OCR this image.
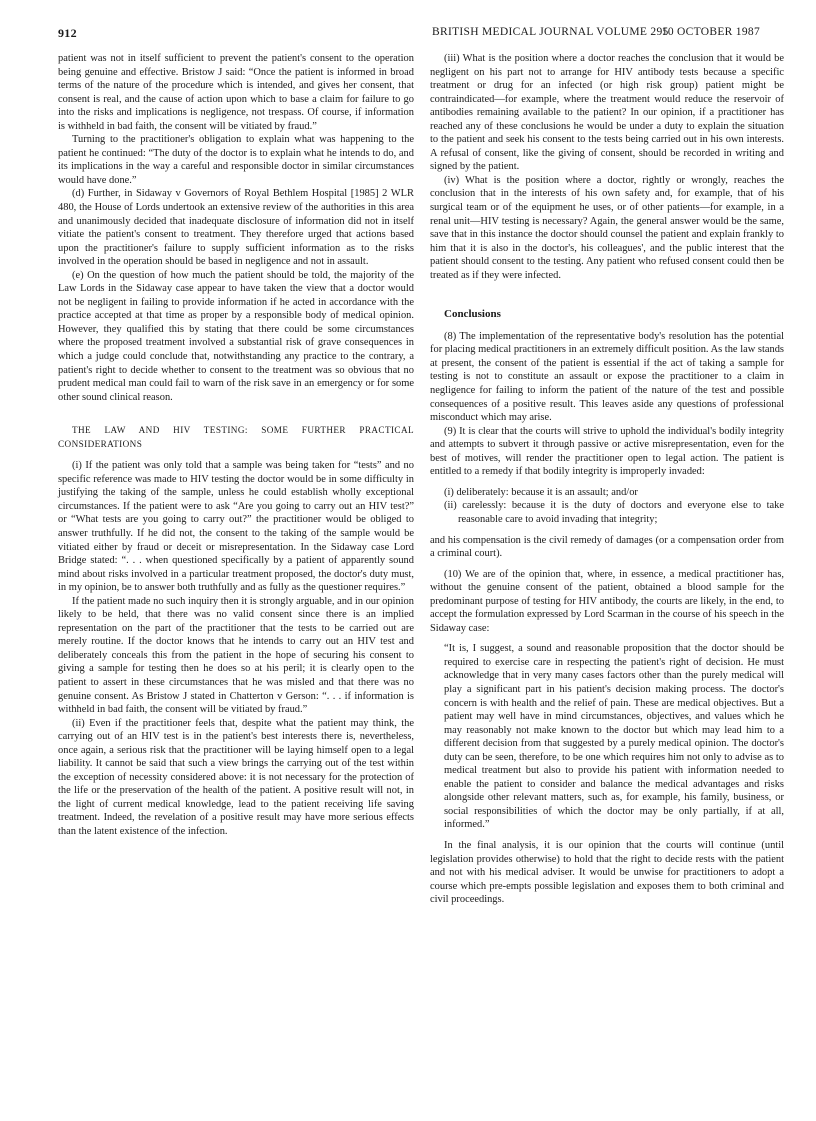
912	BRITISH MEDICAL JOURNAL VOLUME 295
10 OCTOBER 1987

patient was not in itself sufficient to prevent the patient's consent to the operation being genuine and effective. Bristow J said: “Once the patient is informed in broad terms of the nature of the procedure which is intended, and gives her consent, that consent is real, and the cause of action upon which to base a claim for failure to go into the risks and implications is negligence, not trespass. Of course, if information is withheld in bad faith, the consent will be vitiated by fraud.”

Turning to the practitioner's obligation to explain what was happening to the patient he continued: “The duty of the doctor is to explain what he intends to do, and its implications in the way a careful and responsible doctor in similar circumstances would have done.”

(d) Further, in Sidaway v Governors of Royal Bethlem Hospital [1985] 2 WLR 480, the House of Lords undertook an extensive review of the authorities in this area and unanimously decided that inadequate disclosure of information did not in itself vitiate the patient's consent to treatment. They therefore urged that actions based upon the practitioner's failure to supply sufficient information as to the risks involved in the operation should be based in negligence and not in assault.

(e) On the question of how much the patient should be told, the majority of the Law Lords in the Sidaway case appear to have taken the view that a doctor would not be negligent in failing to provide information if he acted in accordance with the practice accepted at that time as proper by a responsible body of medical opinion. However, they qualified this by stating that there could be some circumstances where the proposed treatment involved a substantial risk of grave consequences in which a judge could conclude that, notwithstanding any practice to the contrary, a patient's right to decide whether to consent to the treatment was so obvious that no prudent medical man could fail to warn of the risk save in an emergency or for some other sound clinical reason.

THE LAW AND HIV TESTING: SOME FURTHER PRACTICAL CONSIDERATIONS

(i) If the patient was only told that a sample was being taken for “tests” and no specific reference was made to HIV testing the doctor would be in some difficulty in justifying the taking of the sample, unless he could establish wholly exceptional circumstances. If the patient were to ask “Are you going to carry out an HIV test?” or “What tests are you going to carry out?” the practitioner would be obliged to answer truthfully. If he did not, the consent to the taking of the sample would be vitiated either by fraud or deceit or misrepresentation. In the Sidaway case Lord Bridge stated: “. . . when questioned specifically by a patient of apparently sound mind about risks involved in a particular treatment proposed, the doctor's duty must, in my opinion, be to answer both truthfully and as fully as the questioner requires.”

If the patient made no such inquiry then it is strongly arguable, and in our opinion likely to be held, that there was no valid consent since there is an implied representation on the part of the practitioner that the tests to be carried out are merely routine. If the doctor knows that he intends to carry out an HIV test and deliberately conceals this from the patient in the hope of securing his consent to giving a sample for testing then he does so at his peril; it is clearly open to the patient to assert in these circumstances that he was misled and that there was no genuine consent. As Bristow J stated in Chatterton v Gerson: “. . . if information is withheld in bad faith, the consent will be vitiated by fraud.”

(ii) Even if the practitioner feels that, despite what the patient may think, the carrying out of an HIV test is in the patient's best interests there is, nevertheless, once again, a serious risk that the practitioner will be laying himself open to a legal liability. It cannot be said that such a view brings the carrying out of the test within the exception of necessity considered above: it is not necessary for the protection of the life or the preservation of the health of the patient. A positive result will not, in the light of current medical knowledge, lead to the patient receiving life saving treatment. Indeed, the revelation of a positive result may have more serious effects than the latent existence of the infection.

(iii) What is the position where a doctor reaches the conclusion that it would be negligent on his part not to arrange for HIV antibody tests because a specific treatment or drug for an infected (or high risk group) patient might be contraindicated—for example, where the treatment would reduce the reservoir of antibodies remaining available to the patient? In our opinion, if a practitioner has reached any of these conclusions he would be under a duty to explain the situation to the patient and seek his consent to the tests being carried out in his own interests. A refusal of consent, like the giving of consent, should be recorded in writing and signed by the patient.

(iv) What is the position where a doctor, rightly or wrongly, reaches the conclusion that in the interests of his own safety and, for example, that of his surgical team or of the equipment he uses, or of other patients—for example, in a renal unit—HIV testing is necessary? Again, the general answer would be the same, save that in this instance the doctor should counsel the patient and explain frankly to him that it is also in the doctor's, his colleagues', and the public interest that the patient should consent to the testing. Any patient who refused consent could then be treated as if they were infected.

Conclusions

(8) The implementation of the representative body's resolution has the potential for placing medical practitioners in an extremely difficult position. As the law stands at present, the consent of the patient is essential if the act of taking a sample for testing is not to constitute an assault or expose the practitioner to a claim in negligence for failing to inform the patient of the nature of the test and possible consequences of a positive result. This leaves aside any questions of professional misconduct which may arise.

(9) It is clear that the courts will strive to uphold the individual's bodily integrity and attempts to subvert it through passive or active misrepresentation, even for the best of motives, will render the practitioner open to legal action. The patient is entitled to a remedy if that bodily integrity is improperly invaded:

(i) deliberately: because it is an assault; and/or

(ii) carelessly: because it is the duty of doctors and everyone else to take reasonable care to avoid invading that integrity;

and his compensation is the civil remedy of damages (or a compensation order from a criminal court).

(10) We are of the opinion that, where, in essence, a medical practitioner has, without the genuine consent of the patient, obtained a blood sample for the predominant purpose of testing for HIV antibody, the courts are likely, in the end, to accept the formulation expressed by Lord Scarman in the course of his speech in the Sidaway case:

“It is, I suggest, a sound and reasonable proposition that the doctor should be required to exercise care in respecting the patient's right of decision. He must acknowledge that in very many cases factors other than the purely medical will play a significant part in his patient's decision making process. The doctor's concern is with health and the relief of pain. These are medical objectives. But a patient may well have in mind circumstances, objectives, and values which he may reasonably not make known to the doctor but which may lead him to a different decision from that suggested by a purely medical opinion. The doctor's duty can be seen, therefore, to be one which requires him not only to advise as to medical treatment but also to provide his patient with information needed to enable the patient to consider and balance the medical advantages and risks alongside other relevant matters, such as, for example, his family, business, or social responsibilities of which the doctor may be only partially, if at all, informed.”

In the final analysis, it is our opinion that the courts will continue (until legislation provides otherwise) to hold that the right to decide rests with the patient and not with his medical adviser. It would be unwise for practitioners to adopt a course which pre-empts possible legislation and exposes them to both criminal and civil proceedings.
